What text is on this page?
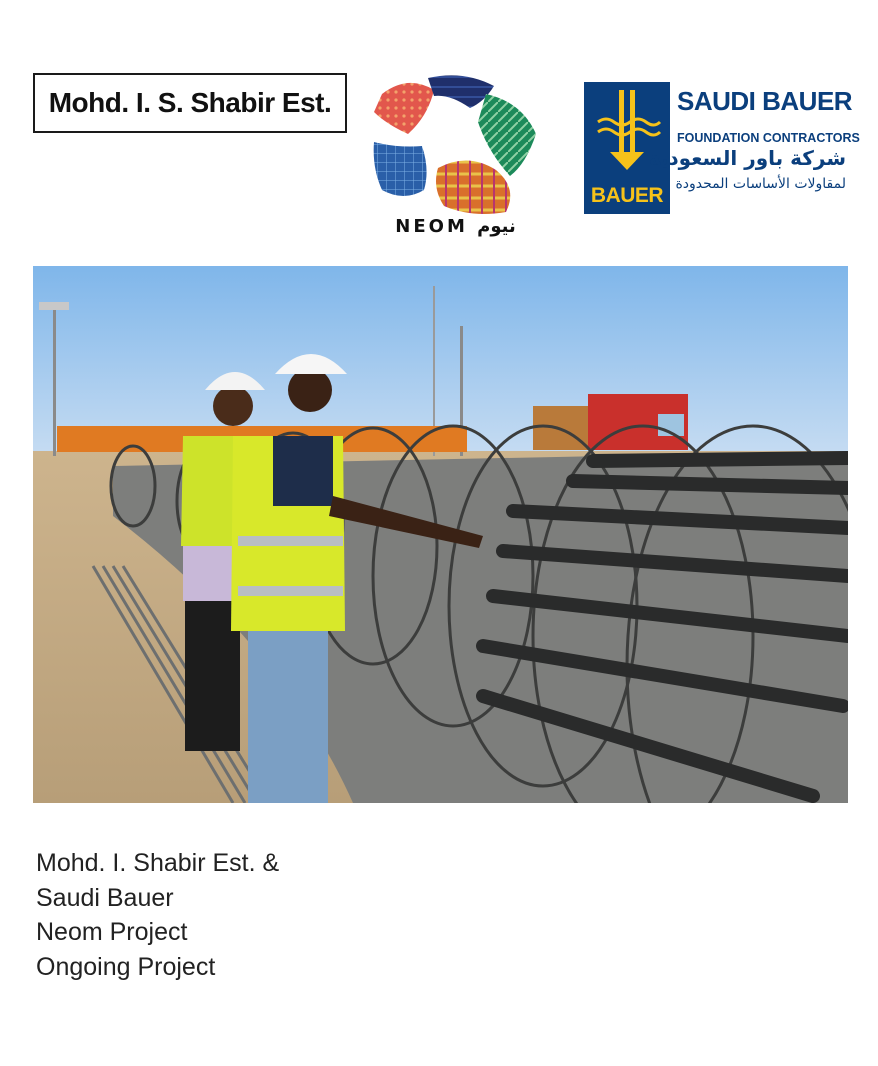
Mohd. I. S. Shabir Est.
NEOM نيوم
BAUER
SAUDI BAUER
FOUNDATION CONTRACTORS
شركة باور السعودية
لمقاولات الأساسات المحدودة
Mohd. I. Shabir Est. &
Saudi Bauer
Neom Project
Ongoing Project
